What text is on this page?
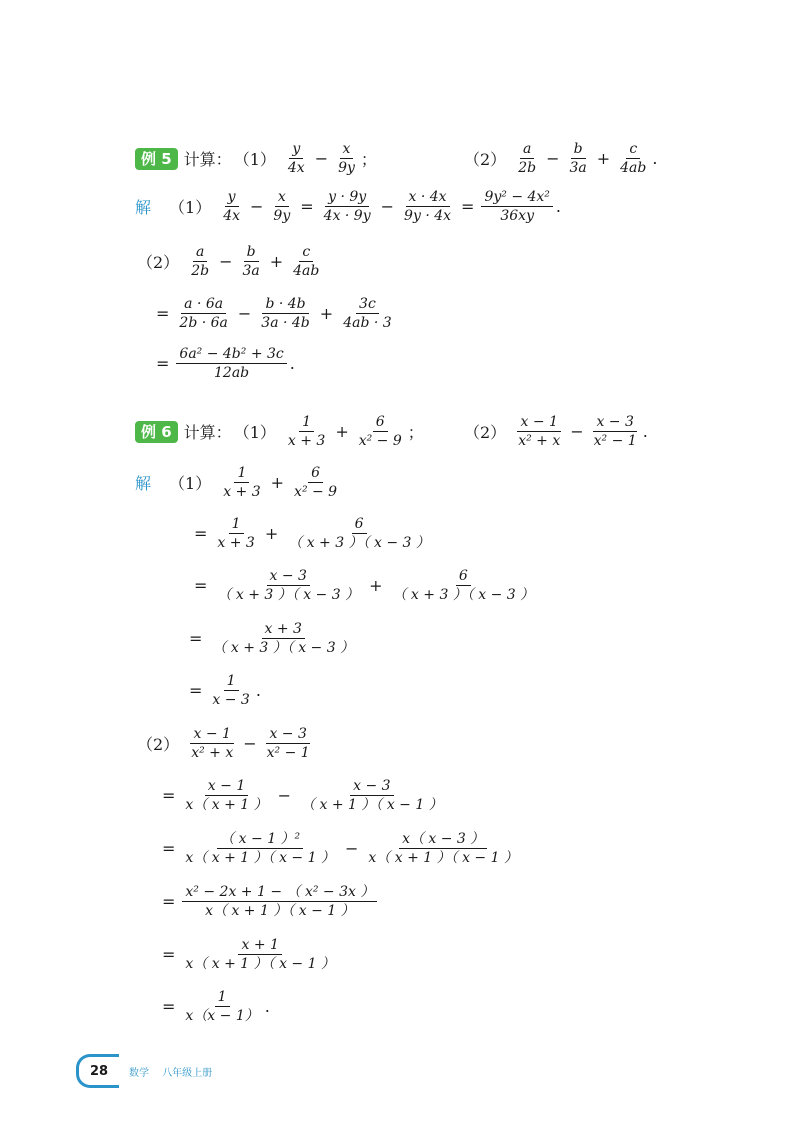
例 5 计算： $(1) \frac{y}{4x} - \frac{x}{9y}$ ；	$(2) \frac{a}{2b} - \frac{b}{3a} + \frac{c}{4ab}$ .
解 $(1) \frac{y}{4x} - \frac{x}{9y} = \frac{y \cdot 9y}{4x \cdot 9y} - \frac{x \cdot 4x}{9y \cdot 4x} = \frac{\text{9y² − 4x²}}{36xy}$ .
$(2) \frac{a}{2b} - \frac{b}{3a} + \frac{c}{4ab}$
= $\frac{a \cdot 6a}{2b \cdot 6a} - \frac{b \cdot 4b}{3a \cdot 4b} + \frac{3c}{4ab \cdot 3}$
= $\frac{\text{6a² − 4b² + 3c}}{12ab}$ .
例 6 计算： $(1) \frac{1}{x + 3} + \frac{6}{\text{x² − 9}}$ ；	$(2) \frac{x - 1}{\text{x² + x}} - \frac{x - 3}{\text{x² − 1}}$ .
解 $(1) \frac{1}{x + 3} + \frac{6}{\text{x² − 9}}$
= $\frac{1}{x + 3} + \frac{6}{( x + 3 )( x - 3 )}$
= $\frac{x - 3}{( x + 3 )( x - 3 )} + \frac{6}{( x + 3 )( x - 3 )}$
= $\frac{x + 3}{( x + 3 )( x - 3 )}$
= $\frac{1}{x - 3}$ .
$(2) \frac{x - 1}{\text{x² + x}} - \frac{x - 3}{\text{x² − 1}}$
= $\frac{x - 1}{x( x + 1 )} - \frac{x - 3}{( x + 1 )( x - 1 )}$
= $\frac{\text{（ x − 1 ）²}}{x( x + 1 )( x - 1 )} - \frac{x( x - 3 )}{x( x + 1 )( x - 1 )}$
= $\frac{\text{x² − 2x + 1 − （ x² − 3x ）}}{x( x + 1 )( x - 1 )}$
= $\frac{x + 1}{x( x + 1 )( x - 1 )}$
= $\frac{1}{x(x - 1)}$ .
28	数学 八年级上册
